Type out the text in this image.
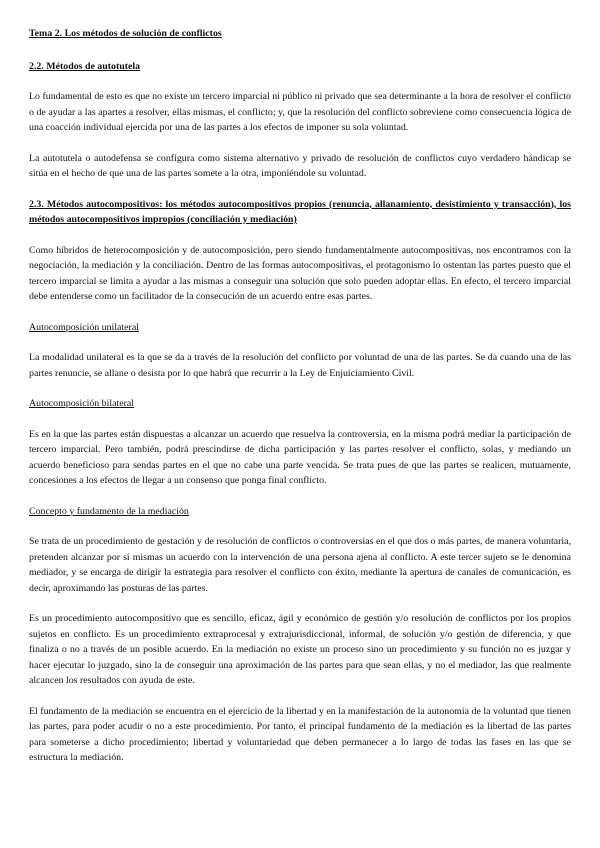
Tema 2. Los métodos de solución de conflictos

2.2. Métodos de autotutela

Lo fundamental de esto es que no existe un tercero imparcial ni público ni privado que sea determinante a la hora de resolver el conflicto o de ayudar a las apartes a resolver, ellas mismas, el conflicto; y, que la resolución del conflicto sobreviene como consecuencia lógica de una coacción individual ejercida por una de las partes a los efectos de imponer su sola voluntad.

La autotutela o autodefensa se configura como sistema alternativo y privado de resolución de conflictos cuyo verdadero hándicap se sitúa en el hecho de que una de las partes somete a la otra, imponiéndole su voluntad.

2.3. Métodos autocompositivos: los métodos autocompositivos propios (renuncia, allanamiento, desistimiento y transacción), los métodos autocompositivos impropios (conciliación y mediación)

Como híbridos de heterocomposición y de autocomposición, pero siendo fundamentalmente autocompositivas, nos encontramos con la negociación, la mediación y la conciliación. Dentro de las formas autocompositivas, el protagonismo lo ostentan las partes puesto que el tercero imparcial se limita a ayudar a las mismas a conseguir una solución que solo pueden adoptar ellas. En efecto, el tercero imparcial debe entenderse como un facilitador de la consecución de un acuerdo entre esas partes.

Autocomposición unilateral

La modalidad unilateral es la que se da a través de la resolución del conflicto por voluntad de una de las partes. Se da cuando una de las partes renuncie, se allane o desista por lo que habrá que recurrir a la Ley de Enjuiciamiento Civil.

Autocomposición bilateral

Es en la que las partes están dispuestas a alcanzar un acuerdo que resuelva la controversia, en la misma podrá mediar la participación de tercero imparcial. Pero también, podrá prescindirse de dicha participación y las partes resolver el conflicto, solas, y mediando un acuerdo beneficioso para sendas partes en el que no cabe una parte vencida. Se trata pues de que las partes se realicen, mutuamente, concesiones a los efectos de llegar a un consenso que ponga final conflicto.

Concepto y fundamento de la mediación

Se trata de un procedimiento de gestación y de resolución de conflictos o controversias en el que dos o más partes, de manera voluntaria, pretenden alcanzar por sí mismas un acuerdo con la intervención de una persona ajena al conflicto. A este tercer sujeto se le denomina mediador, y se encarga de dirigir la estrategia para resolver el conflicto con éxito, mediante la apertura de canales de comunicación, es decir, aproximando las posturas de las partes.

Es un procedimiento autocompositivo que es sencillo, eficaz, ágil y económico de gestión y/o resolución de conflictos por los propios sujetos en conflicto. Es un procedimiento extraprocesal y extrajurisdiccional, informal, de solución y/o gestión de diferencia, y que finaliza o no a través de un posible acuerdo. En la mediación no existe un proceso sino un procedimiento y su función no es juzgar y hacer ejecutar lo juzgado, sino la de conseguir una aproximación de las partes para que sean ellas, y no el mediador, las que realmente alcancen los resultados con ayuda de este.

El fundamento de la mediación se encuentra en el ejercicio de la libertad y en la manifestación de la autonomía de la voluntad que tienen las partes, para poder acudir o no a este procedimiento. Por tanto, el principal fundamento de la mediación es la libertad de las partes para someterse a dicho procedimiento; libertad y voluntariedad que deben permanecer a lo largo de todas las fases en las que se estructura la mediación.
